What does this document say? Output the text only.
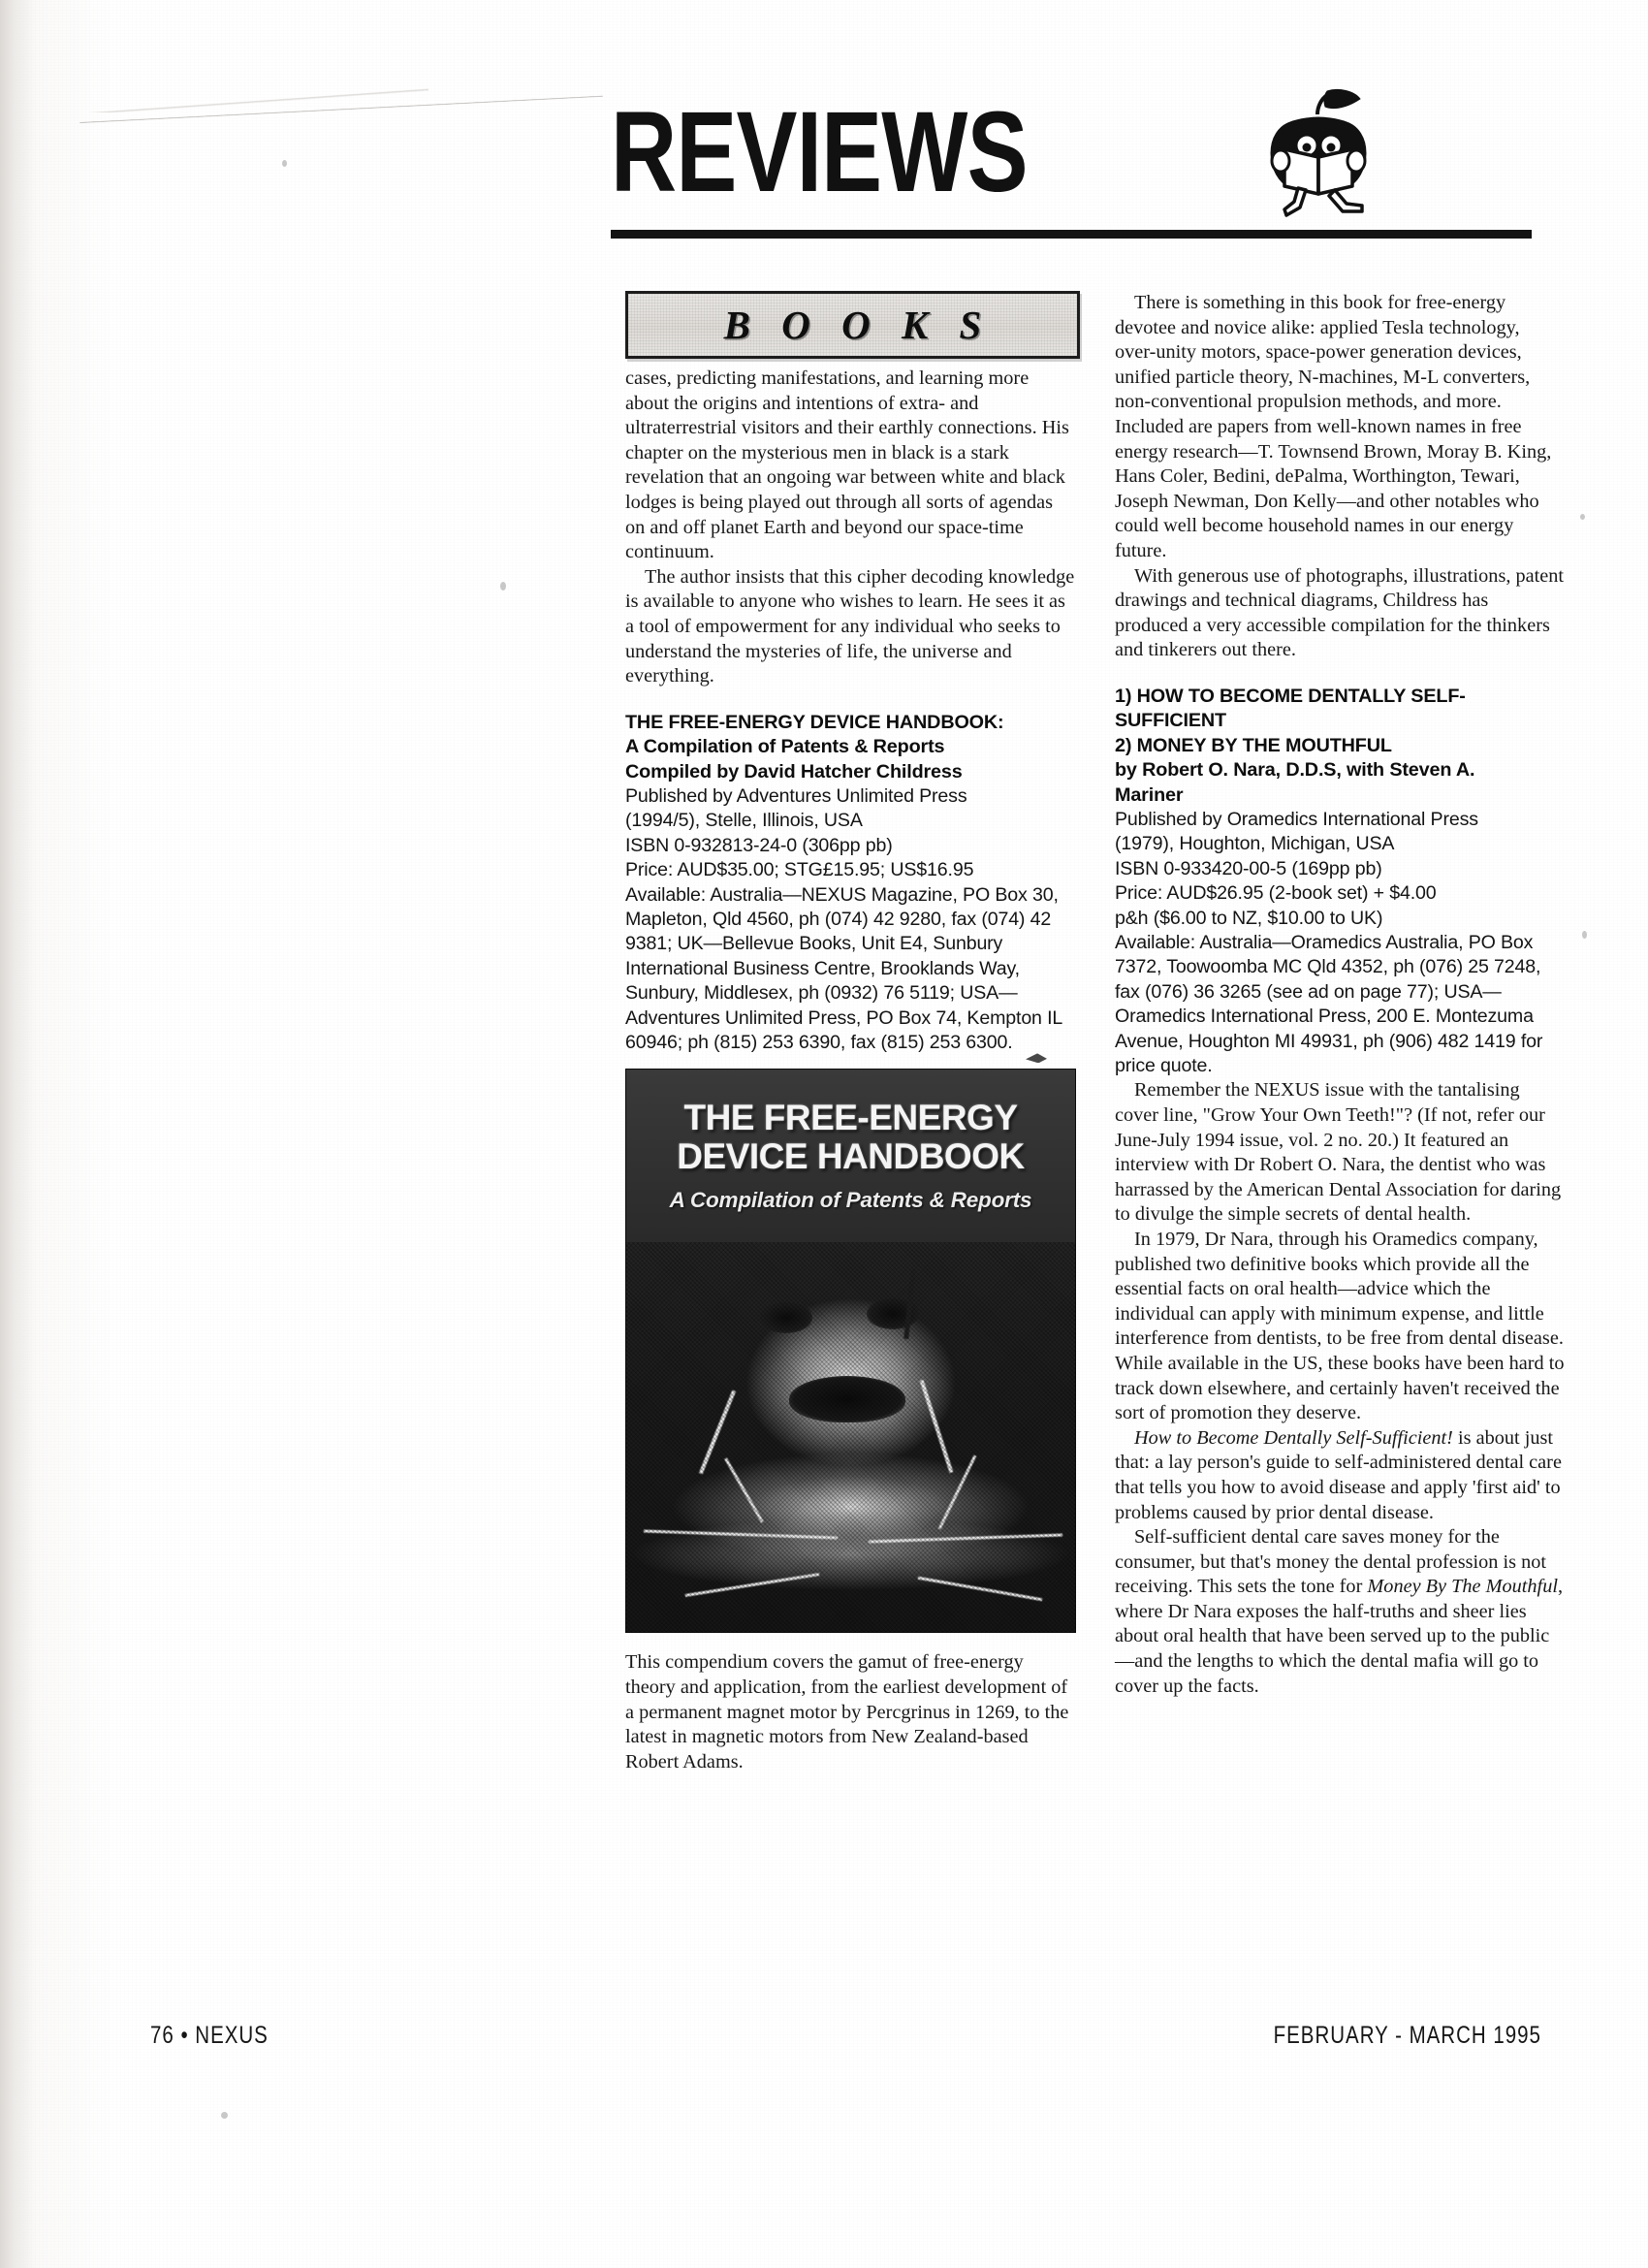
REVIEWS
B O O K S

cases, predicting manifestations, and learning more about the origins and intentions of extra- and ultraterrestrial visitors and their earthly connections. His chapter on the mysterious men in black is a stark revelation that an ongoing war between white and black lodges is being played out through all sorts of agendas on and off planet Earth and beyond our space-time continuum.

The author insists that this cipher decoding knowledge is available to anyone who wishes to learn. He sees it as a tool of empowerment for any individual who seeks to understand the mysteries of life, the universe and everything.

THE FREE-ENERGY DEVICE HANDBOOK:

A Compilation of Patents & Reports

Compiled by David Hatcher Childress

Published by Adventures Unlimited Press

(1994/5), Stelle, Illinois, USA

ISBN 0-932813-24-0 (306pp pb)

Price: AUD$35.00; STG£15.95; US$16.95

Available: Australia—NEXUS Magazine, PO Box 30, Mapleton, Qld 4560, ph (074) 42 9280, fax (074) 42 9381; UK—Bellevue Books, Unit E4, Sunbury International Business Centre, Brooklands Way, Sunbury, Middlesex, ph (0932) 76 5119; USA—Adventures Unlimited Press, PO Box 74, Kempton IL 60946; ph (815) 253 6390, fax (815) 253 6300.

THE FREE-ENERGY
DEVICE HANDBOOK
A Compilation of Patents & Reports

This compendium covers the gamut of free-energy theory and application, from the earliest development of a permanent magnet motor by Percgrinus in 1269, to the latest in magnetic motors from New Zealand-based Robert Adams.

There is something in this book for free-energy devotee and novice alike: applied Tesla technology, over-unity motors, space-power generation devices, unified particle theory, N-machines, M-L converters, non-conventional propulsion methods, and more. Included are papers from well-known names in free energy research—T. Townsend Brown, Moray B. King, Hans Coler, Bedini, dePalma, Worthington, Tewari, Joseph Newman, Don Kelly—and other notables who could well become household names in our energy future.

With generous use of photographs, illustrations, patent drawings and technical diagrams, Childress has produced a very accessible compilation for the thinkers and tinkerers out there.

1) HOW TO BECOME DENTALLY SELF-

SUFFICIENT

2) MONEY BY THE MOUTHFUL

by Robert O. Nara, D.D.S, with Steven A.

Mariner

Published by Oramedics International Press

(1979), Houghton, Michigan, USA

ISBN 0-933420-00-5 (169pp pb)

Price: AUD$26.95 (2-book set) + $4.00

p&h ($6.00 to NZ, $10.00 to UK)

Available: Australia—Oramedics Australia, PO Box 7372, Toowoomba MC Qld 4352, ph (076) 25 7248, fax (076) 36 3265 (see ad on page 77); USA—Oramedics International Press, 200 E. Montezuma Avenue, Houghton MI 49931, ph (906) 482 1419 for price quote.

Remember the NEXUS issue with the tantalising cover line, "Grow Your Own Teeth!"? (If not, refer our June-July 1994 issue, vol. 2 no. 20.) It featured an interview with Dr Robert O. Nara, the dentist who was harrassed by the American Dental Association for daring to divulge the simple secrets of dental health.

In 1979, Dr Nara, through his Oramedics company, published two definitive books which provide all the essential facts on oral health—advice which the individual can apply with minimum expense, and little interference from dentists, to be free from dental disease. While available in the US, these books have been hard to track down elsewhere, and certainly haven't received the sort of promotion they deserve.

How to Become Dentally Self-Sufficient! is about just that: a lay person's guide to self-administered dental care that tells you how to avoid disease and apply 'first aid' to problems caused by prior dental disease.

Self-sufficient dental care saves money for the consumer, but that's money the dental profession is not receiving. This sets the tone for Money By The Mouthful, where Dr Nara exposes the half-truths and sheer lies about oral health that have been served up to the public—and the lengths to which the dental mafia will go to cover up the facts.

76 • NEXUS	FEBRUARY - MARCH 1995
